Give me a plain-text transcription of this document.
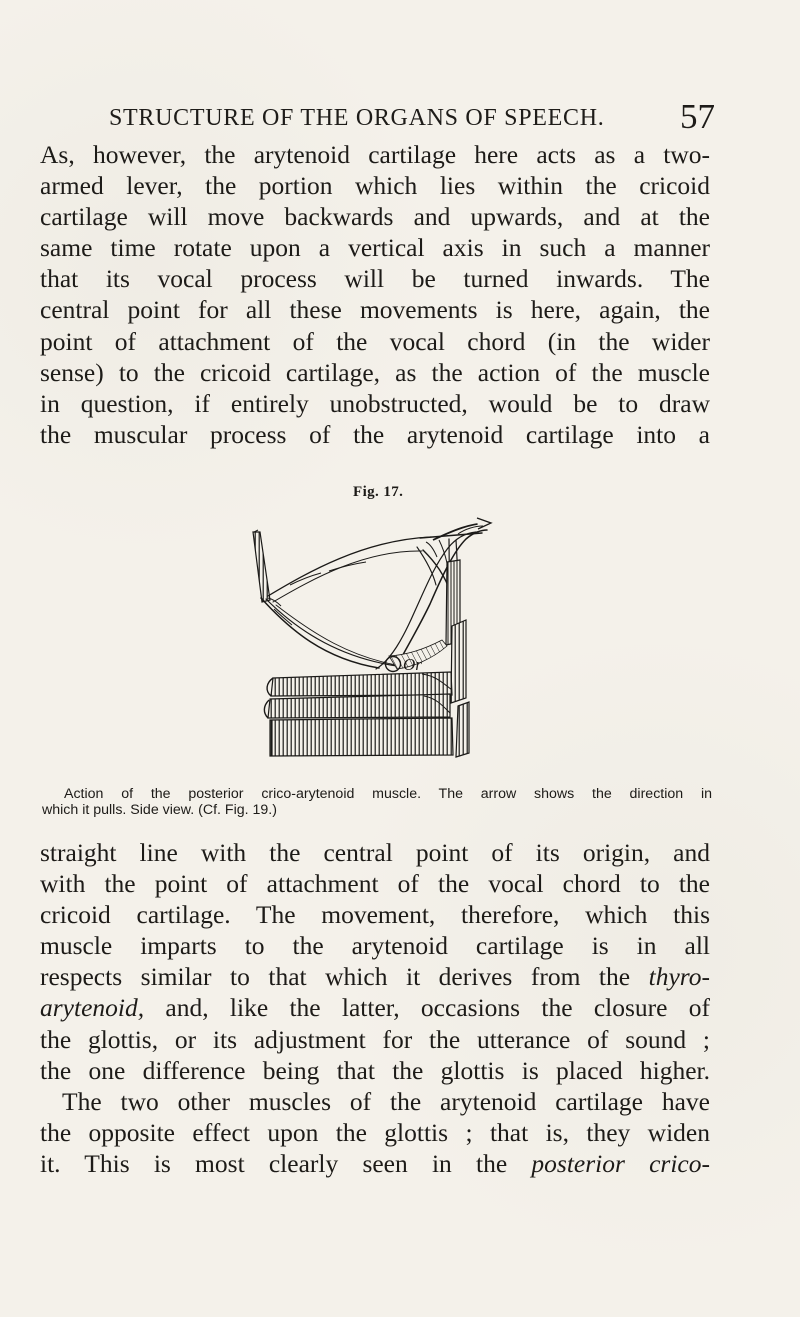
STRUCTURE OF THE ORGANS OF SPEECH. 57
As, however, the arytenoid cartilage here acts as a two-
armed lever, the portion which lies within the cricoid
cartilage will move backwards and upwards, and at the
same time rotate upon a vertical axis in such a manner
that its vocal process will be turned inwards. The
central point for all these movements is here, again, the
point of attachment of the vocal chord (in the wider
sense) to the cricoid cartilage, as the action of the muscle
in question, if entirely unobstructed, would be to draw
the muscular process of the arytenoid cartilage into a
Fig. 17.
Or
Action of the posterior crico-arytenoid muscle. The arrow shows the direction in
which it pulls. Side view. (Cf. Fig. 19.)
straight line with the central point of its origin, and
with the point of attachment of the vocal chord to the
cricoid cartilage. The movement, therefore, which this
muscle imparts to the arytenoid cartilage is in all
respects similar to that which it derives from the thyro-
arytenoid, and, like the latter, occasions the closure of
the glottis, or its adjustment for the utterance of sound ;
the one difference being that the glottis is placed higher.
The two other muscles of the arytenoid cartilage have
the opposite effect upon the glottis ; that is, they widen
it. This is most clearly seen in the posterior crico-
